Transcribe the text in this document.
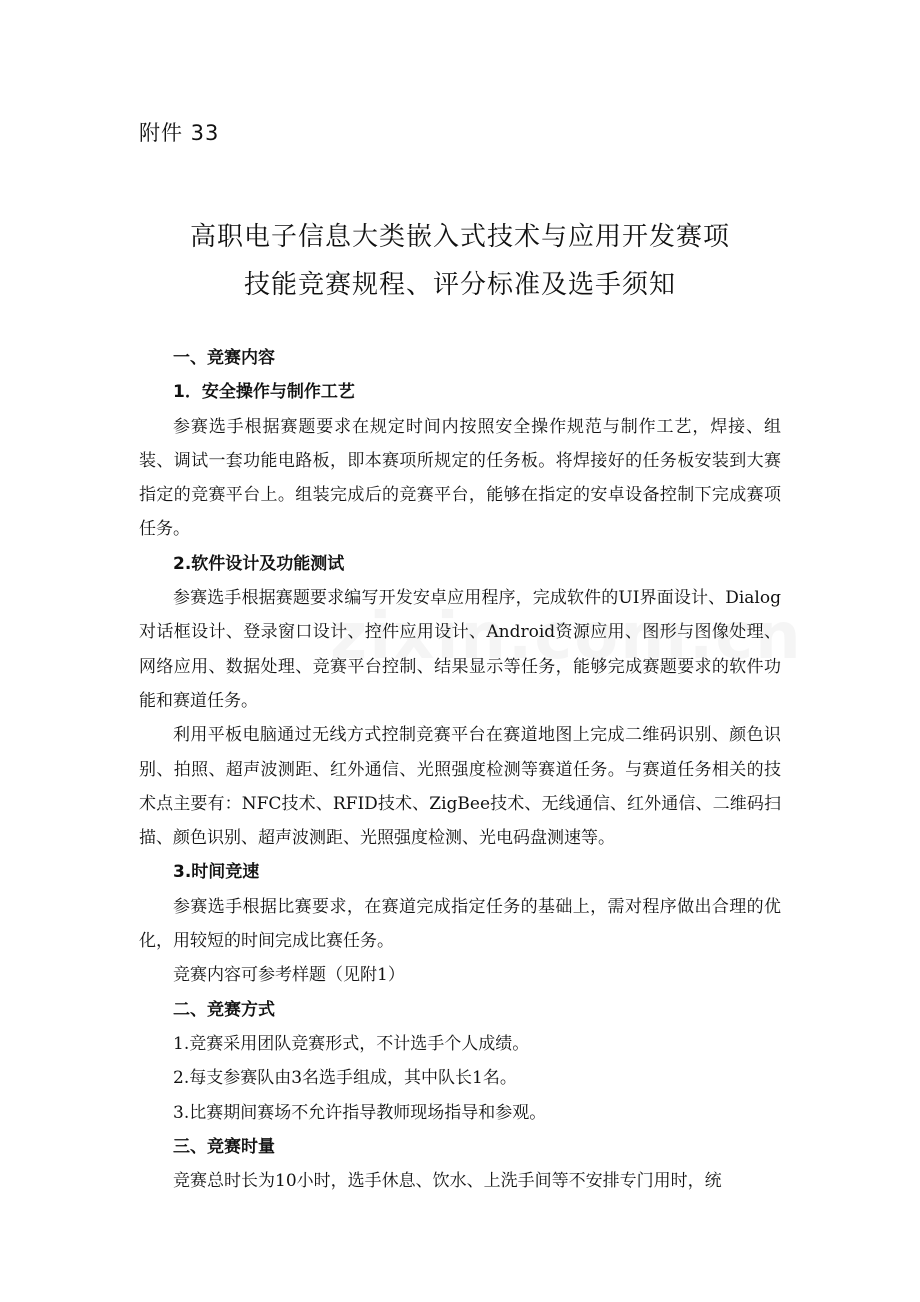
附件 33
高职电子信息大类嵌入式技术与应用开发赛项
技能竞赛规程、评分标准及选手须知

一、竞赛内容

1．安全操作与制作工艺

参赛选手根据赛题要求在规定时间内按照安全操作规范与制作工艺，焊接、组装、调试一套功能电路板，即本赛项所规定的任务板。将焊接好的任务板安装到大赛指定的竞赛平台上。组装完成后的竞赛平台，能够在指定的安卓设备控制下完成赛项任务。

2.软件设计及功能测试

参赛选手根据赛题要求编写开发安卓应用程序，完成软件的UI界面设计、Dialog对话框设计、登录窗口设计、控件应用设计、Android资源应用、图形与图像处理、网络应用、数据处理、竞赛平台控制、结果显示等任务，能够完成赛题要求的软件功能和赛道任务。

利用平板电脑通过无线方式控制竞赛平台在赛道地图上完成二维码识别、颜色识别、拍照、超声波测距、红外通信、光照强度检测等赛道任务。与赛道任务相关的技术点主要有：NFC技术、RFID技术、ZigBee技术、无线通信、红外通信、二维码扫描、颜色识别、超声波测距、光照强度检测、光电码盘测速等。

3.时间竞速

参赛选手根据比赛要求，在赛道完成指定任务的基础上，需对程序做出合理的优化，用较短的时间完成比赛任务。

竞赛内容可参考样题（见附1）

二、竞赛方式

1.竞赛采用团队竞赛形式，不计选手个人成绩。

2.每支参赛队由3名选手组成，其中队长1名。

3.比赛期间赛场不允许指导教师现场指导和参观。

三、竞赛时量

竞赛总时长为10小时，选手休息、饮水、上洗手间等不安排专门用时，统
